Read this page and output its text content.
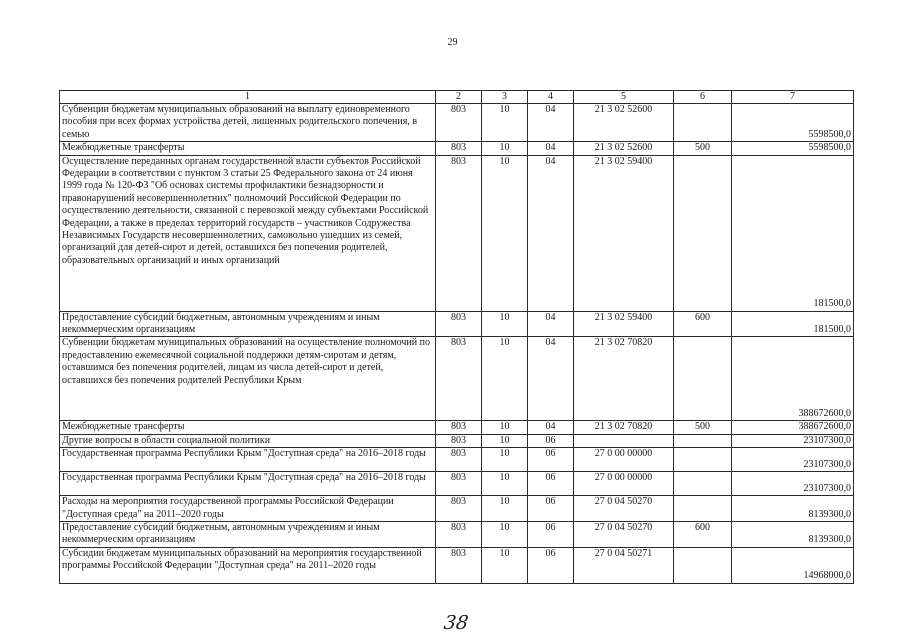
29
1	2	3	4	5	6	7
Субвенции бюджетам муниципальных образований на выплату единовременного пособия при всех формах устройства детей, лишенных родительского попечения, в семью	803	10	04	21 3 02 52600		5598500,0
Межбюджетные трансферты	803	10	04	21 3 02 52600	500	5598500,0
Осуществление переданных органам государственной власти субъектов Российской Федерации в соответствии с пунктом 3 статьи 25 Федерального закона от 24 июня 1999 года № 120-ФЗ "Об основах системы профилактики безнадзорности и правонарушений несовершеннолетних" полномочий Российской Федерации по осуществлению деятельности, связанной с перевозкой между субъектами Российской Федерации, а также в пределах территорий государств – участников Содружества Независимых Государств несовершеннолетних, самовольно ушедших из семей, организаций для детей-сирот и детей, оставшихся без попечения родителей, образовательных организаций и иных организаций	803	10	04	21 3 02 59400		181500,0
Предоставление субсидий бюджетным, автономным учреждениям и иным некоммерческим организациям	803	10	04	21 3 02 59400	600	181500,0
Субвенции бюджетам муниципальных образований на осуществление полномочий по предоставлению ежемесячной социальной поддержки детям-сиротам и детям, оставшимся без попечения родителей, лицам из числа детей-сирот и детей, оставшихся без попечения родителей Республики Крым	803	10	04	21 3 02 70820		388672600,0
Межбюджетные трансферты	803	10	04	21 3 02 70820	500	388672600,0
Другие вопросы в области социальной политики	803	10	06			23107300,0
Государственная программа Республики Крым "Доступная среда" на 2016–2018 годы	803	10	06	27 0 00 00000		23107300,0
Государственная программа Республики Крым "Доступная среда" на 2016–2018 годы	803	10	06	27 0 00 00000		23107300,0
Расходы на мероприятия государственной программы Российской Федерации "Доступная среда" на 2011–2020 годы	803	10	06	27 0 04 50270		8139300,0
Предоставление субсидий бюджетным, автономным учреждениям и иным некоммерческим организациям	803	10	06	27 0 04 50270	600	8139300,0
Субсидии бюджетам муниципальных образований на мероприятия государственной программы Российской Федерации "Доступная среда" на 2011–2020 годы	803	10	06	27 0 04 50271		14968000,0
38
